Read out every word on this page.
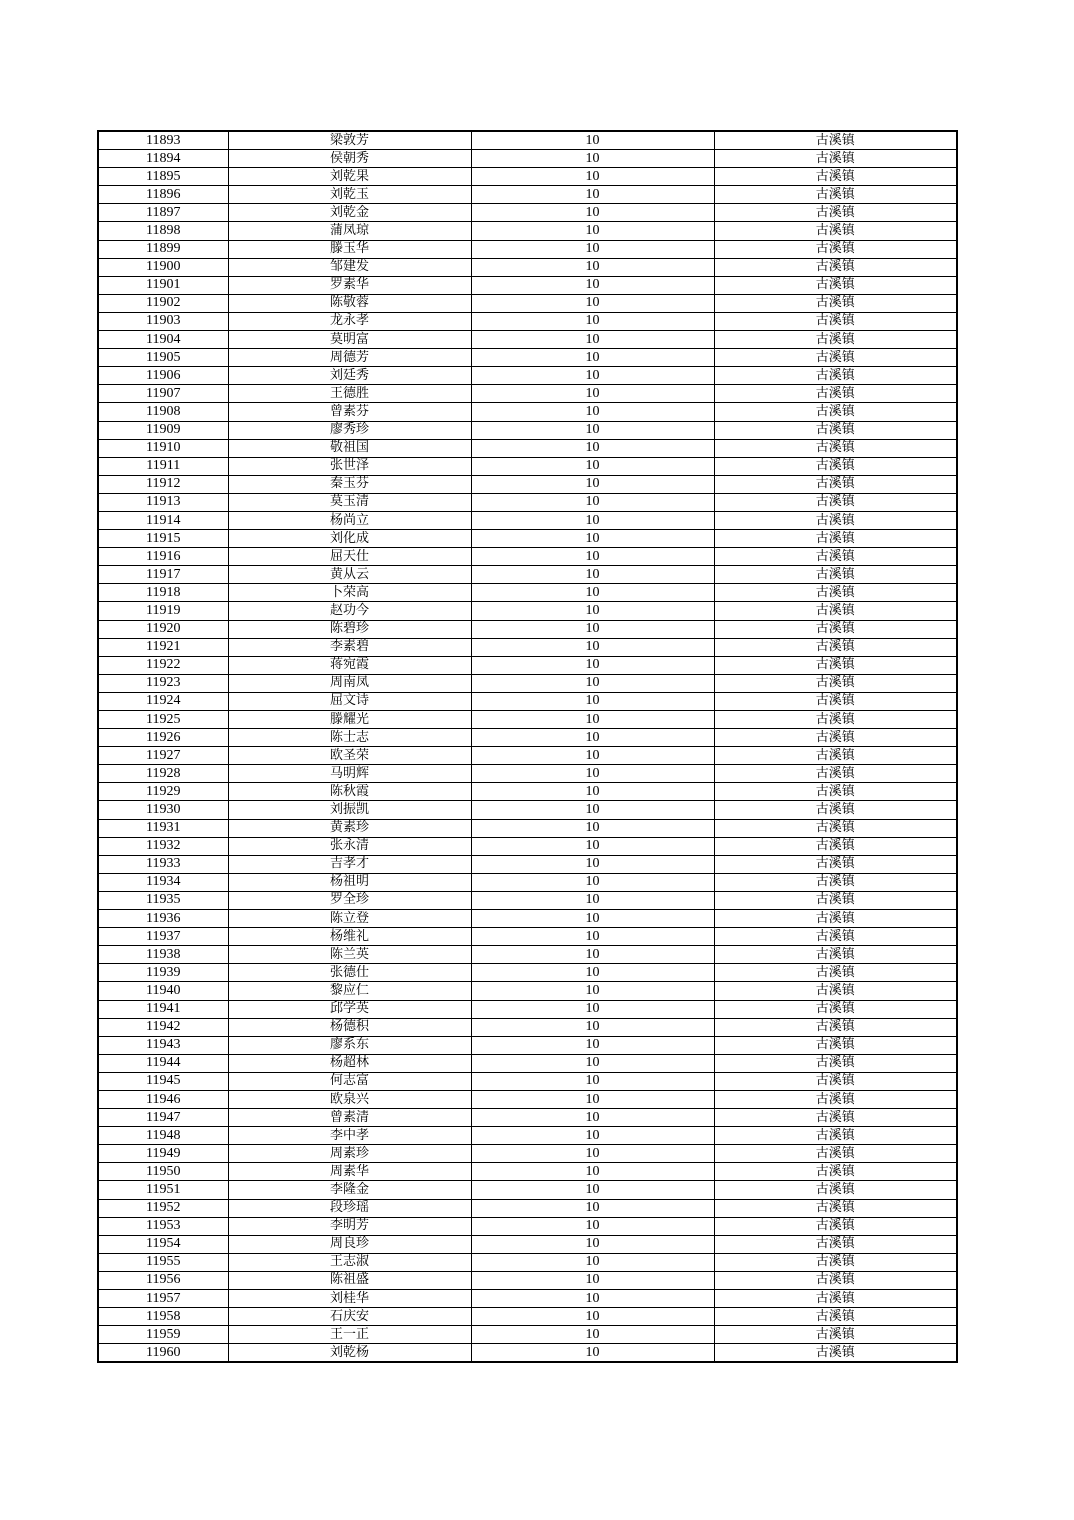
11893	梁敦芳	10	古溪镇
11894	侯朝秀	10	古溪镇
11895	刘乾果	10	古溪镇
11896	刘乾玉	10	古溪镇
11897	刘乾金	10	古溪镇
11898	蒲凤琼	10	古溪镇
11899	滕玉华	10	古溪镇
11900	邹建发	10	古溪镇
11901	罗素华	10	古溪镇
11902	陈敬蓉	10	古溪镇
11903	龙永孝	10	古溪镇
11904	莫明富	10	古溪镇
11905	周德芳	10	古溪镇
11906	刘廷秀	10	古溪镇
11907	王德胜	10	古溪镇
11908	曾素芬	10	古溪镇
11909	廖秀珍	10	古溪镇
11910	敬祖国	10	古溪镇
11911	张世泽	10	古溪镇
11912	秦玉芬	10	古溪镇
11913	莫玉清	10	古溪镇
11914	杨尚立	10	古溪镇
11915	刘化成	10	古溪镇
11916	屈天仕	10	古溪镇
11917	黄从云	10	古溪镇
11918	卜荣高	10	古溪镇
11919	赵功今	10	古溪镇
11920	陈碧珍	10	古溪镇
11921	李素碧	10	古溪镇
11922	蒋宛霞	10	古溪镇
11923	周南凤	10	古溪镇
11924	屈文诗	10	古溪镇
11925	滕耀光	10	古溪镇
11926	陈士志	10	古溪镇
11927	欧圣荣	10	古溪镇
11928	马明辉	10	古溪镇
11929	陈秋霞	10	古溪镇
11930	刘振凯	10	古溪镇
11931	黄素珍	10	古溪镇
11932	张永清	10	古溪镇
11933	吉孝才	10	古溪镇
11934	杨祖明	10	古溪镇
11935	罗全珍	10	古溪镇
11936	陈立登	10	古溪镇
11937	杨维礼	10	古溪镇
11938	陈兰英	10	古溪镇
11939	张德仕	10	古溪镇
11940	黎应仁	10	古溪镇
11941	邱学英	10	古溪镇
11942	杨德积	10	古溪镇
11943	廖系东	10	古溪镇
11944	杨超林	10	古溪镇
11945	何志富	10	古溪镇
11946	欧泉兴	10	古溪镇
11947	曾素清	10	古溪镇
11948	李中孝	10	古溪镇
11949	周素珍	10	古溪镇
11950	周素华	10	古溪镇
11951	李隆金	10	古溪镇
11952	段珍瑶	10	古溪镇
11953	李明芳	10	古溪镇
11954	周良珍	10	古溪镇
11955	王志淑	10	古溪镇
11956	陈祖盛	10	古溪镇
11957	刘桂华	10	古溪镇
11958	石庆安	10	古溪镇
11959	王一正	10	古溪镇
11960	刘乾杨	10	古溪镇
